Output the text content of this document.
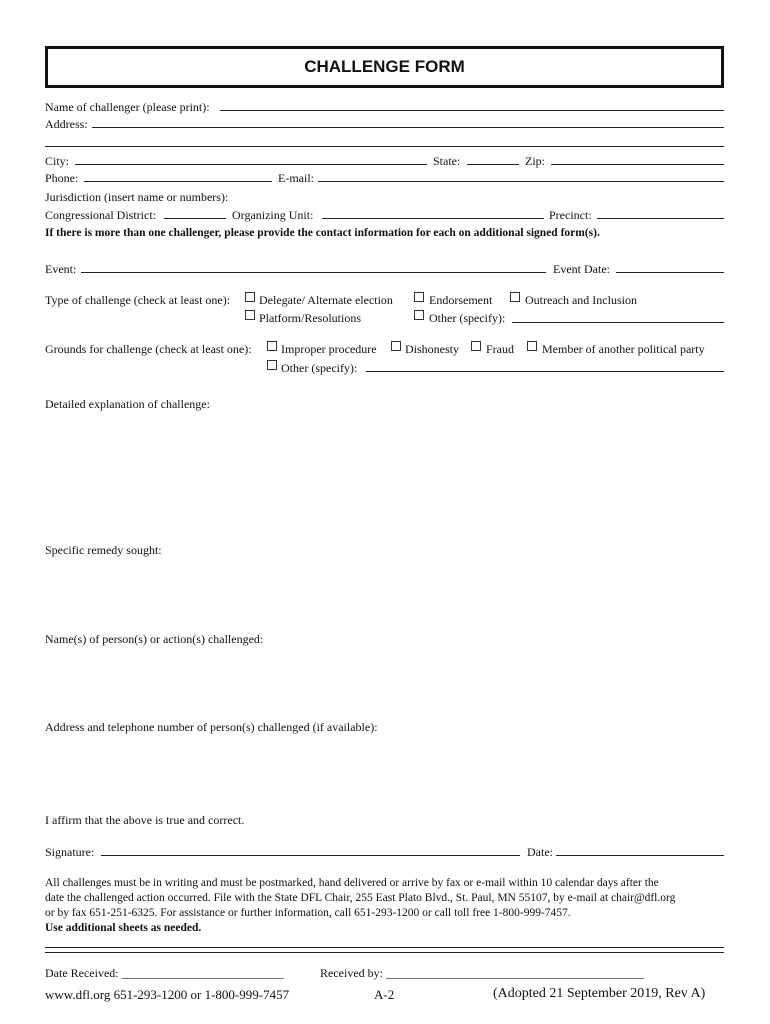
CHALLENGE FORM
Name of challenger (please print):
Address:
City:	State:	Zip:
Phone:	E-mail:
Jurisdiction (insert name or numbers):
Congressional District:	Organizing Unit:	Precinct:
If there is more than one challenger, please provide the contact information for each on additional signed form(s).
Event:	Event Date:
Type of challenge (check at least one): Delegate/ Alternate election	Endorsement	Outreach and Inclusion
Platform/Resolutions	Other (specify):
Grounds for challenge (check at least one): Improper procedure Dishonesty Fraud Member of another political party
Other (specify):
Detailed explanation of challenge:
Specific remedy sought:
Name(s) of person(s) or action(s) challenged:
Address and telephone number of person(s) challenged (if available):
I affirm that the above is true and correct.
Signature:	Date:
All challenges must be in writing and must be postmarked, hand delivered or arrive by fax or e-mail within 10 calendar days after the
date the challenged action occurred. File with the State DFL Chair, 255 East Plato Blvd., St. Paul, MN 55107, by e-mail at chair@dfl.org
or by fax 651-251-6325. For assistance or further information, call 651-293-1200 or call toll free 1-800-999-7457.
Use additional sheets as needed.
Date Received: ___________________________	Received by: ___________________________________________
www.dfl.org 651-293-1200 or 1-800-999-7457	A-2	(Adopted 21 September 2019, Rev A)
